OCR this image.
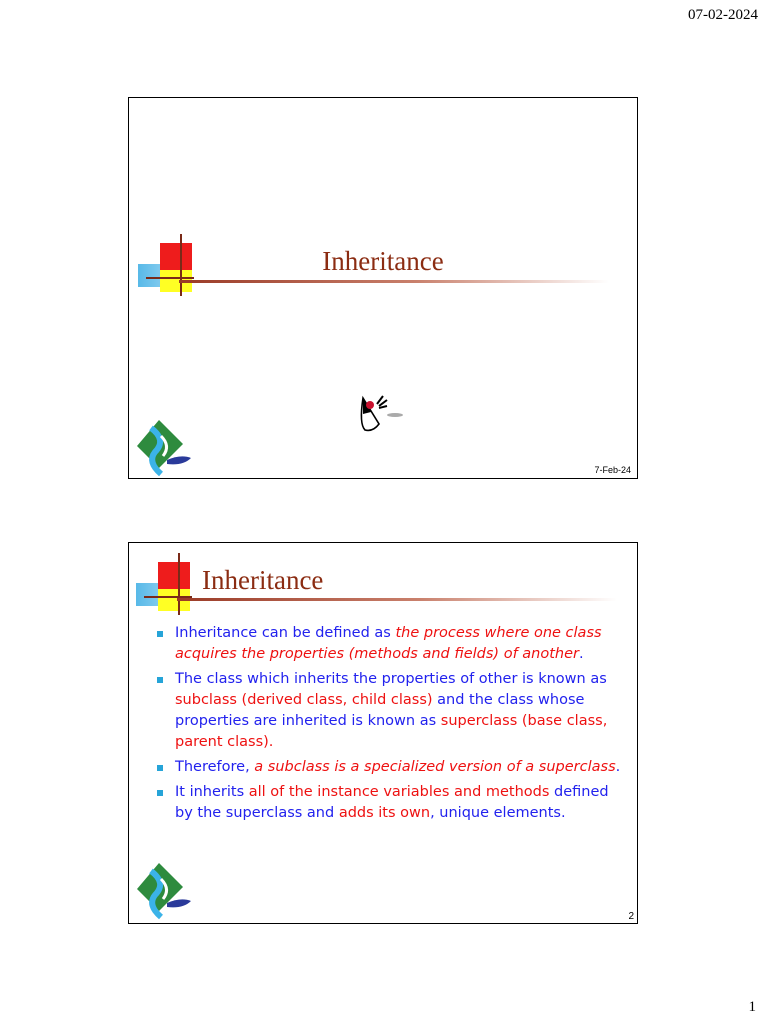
07-02-2024
Inheritance
7-Feb-24
Inheritance
Inheritance can be defined as the process where one class acquires the properties (methods and fields) of another.
The class which inherits the properties of other is known as subclass (derived class, child class) and the class whose properties are inherited is known as superclass (base class, parent class).
Therefore, a subclass is a specialized version of a superclass.
It inherits all of the instance variables and methods defined by the superclass and adds its own, unique elements.
2
1
